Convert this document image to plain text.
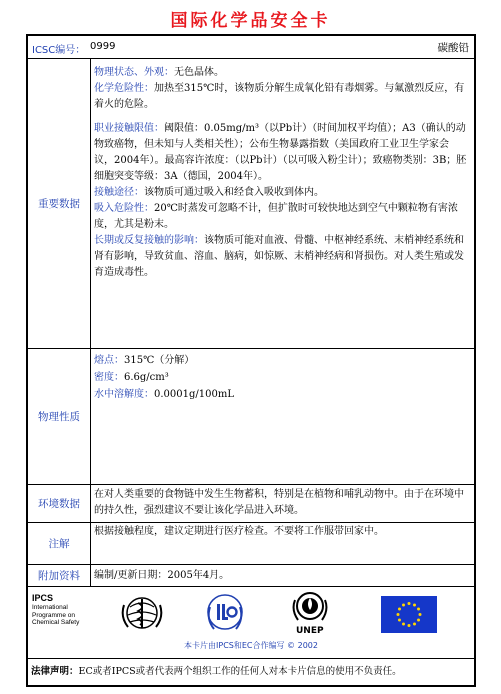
国际化学品安全卡
ICSC编号： 0999	碳酸铅
重要数据

物理状态、外观：无色晶体。

化学危险性：加热至315℃时，该物质分解生成氧化铅有毒烟雾。与氟激烈反应，有着火的危险。

职业接触限值：阈限值：0.05mg/m³（以Pb计）（时间加权平均值）；A3（确认的动物致癌物，但未知与人类相关性）；公布生物暴露指数（美国政府工业卫生学家会议，2004年）。最高容许浓度：（以Pb计）（以可吸入粉尘计）；致癌物类别：3B；胚细胞突变等级：3A（德国，2004年）。

接触途径：该物质可通过吸入和经食入吸收到体内。

吸入危险性：20℃时蒸发可忽略不计，但扩散时可较快地达到空气中颗粒物有害浓度，尤其是粉末。

长期或反复接触的影响：该物质可能对血液、骨髓、中枢神经系统、末梢神经系统和肾有影响，导致贫血、溶血、脑病，如惊厥、末梢神经病和肾损伤。对人类生殖或发育造成毒性。

物理性质

熔点：315℃（分解）

密度：6.6g/cm³

水中溶解度：0.0001g/100mL

环境数据
在对人类重要的食物链中发生生物蓄积，特别是在植物和哺乳动物中。由于在环境中的持久性，强烈建议不要让该化学品进入环境。
注解
根据接触程度，建议定期进行医疗检查。不要将工作服带回家中。
附加资料	编制/更新日期：2005年4月。
IPCS
International
Programme on
Chemical Safety
UNEP
本卡片由IPCS和EC合作编写 © 2002
法律声明：EC或者IPCS或者代表两个组织工作的任何人对本卡片信息的使用不负责任。
